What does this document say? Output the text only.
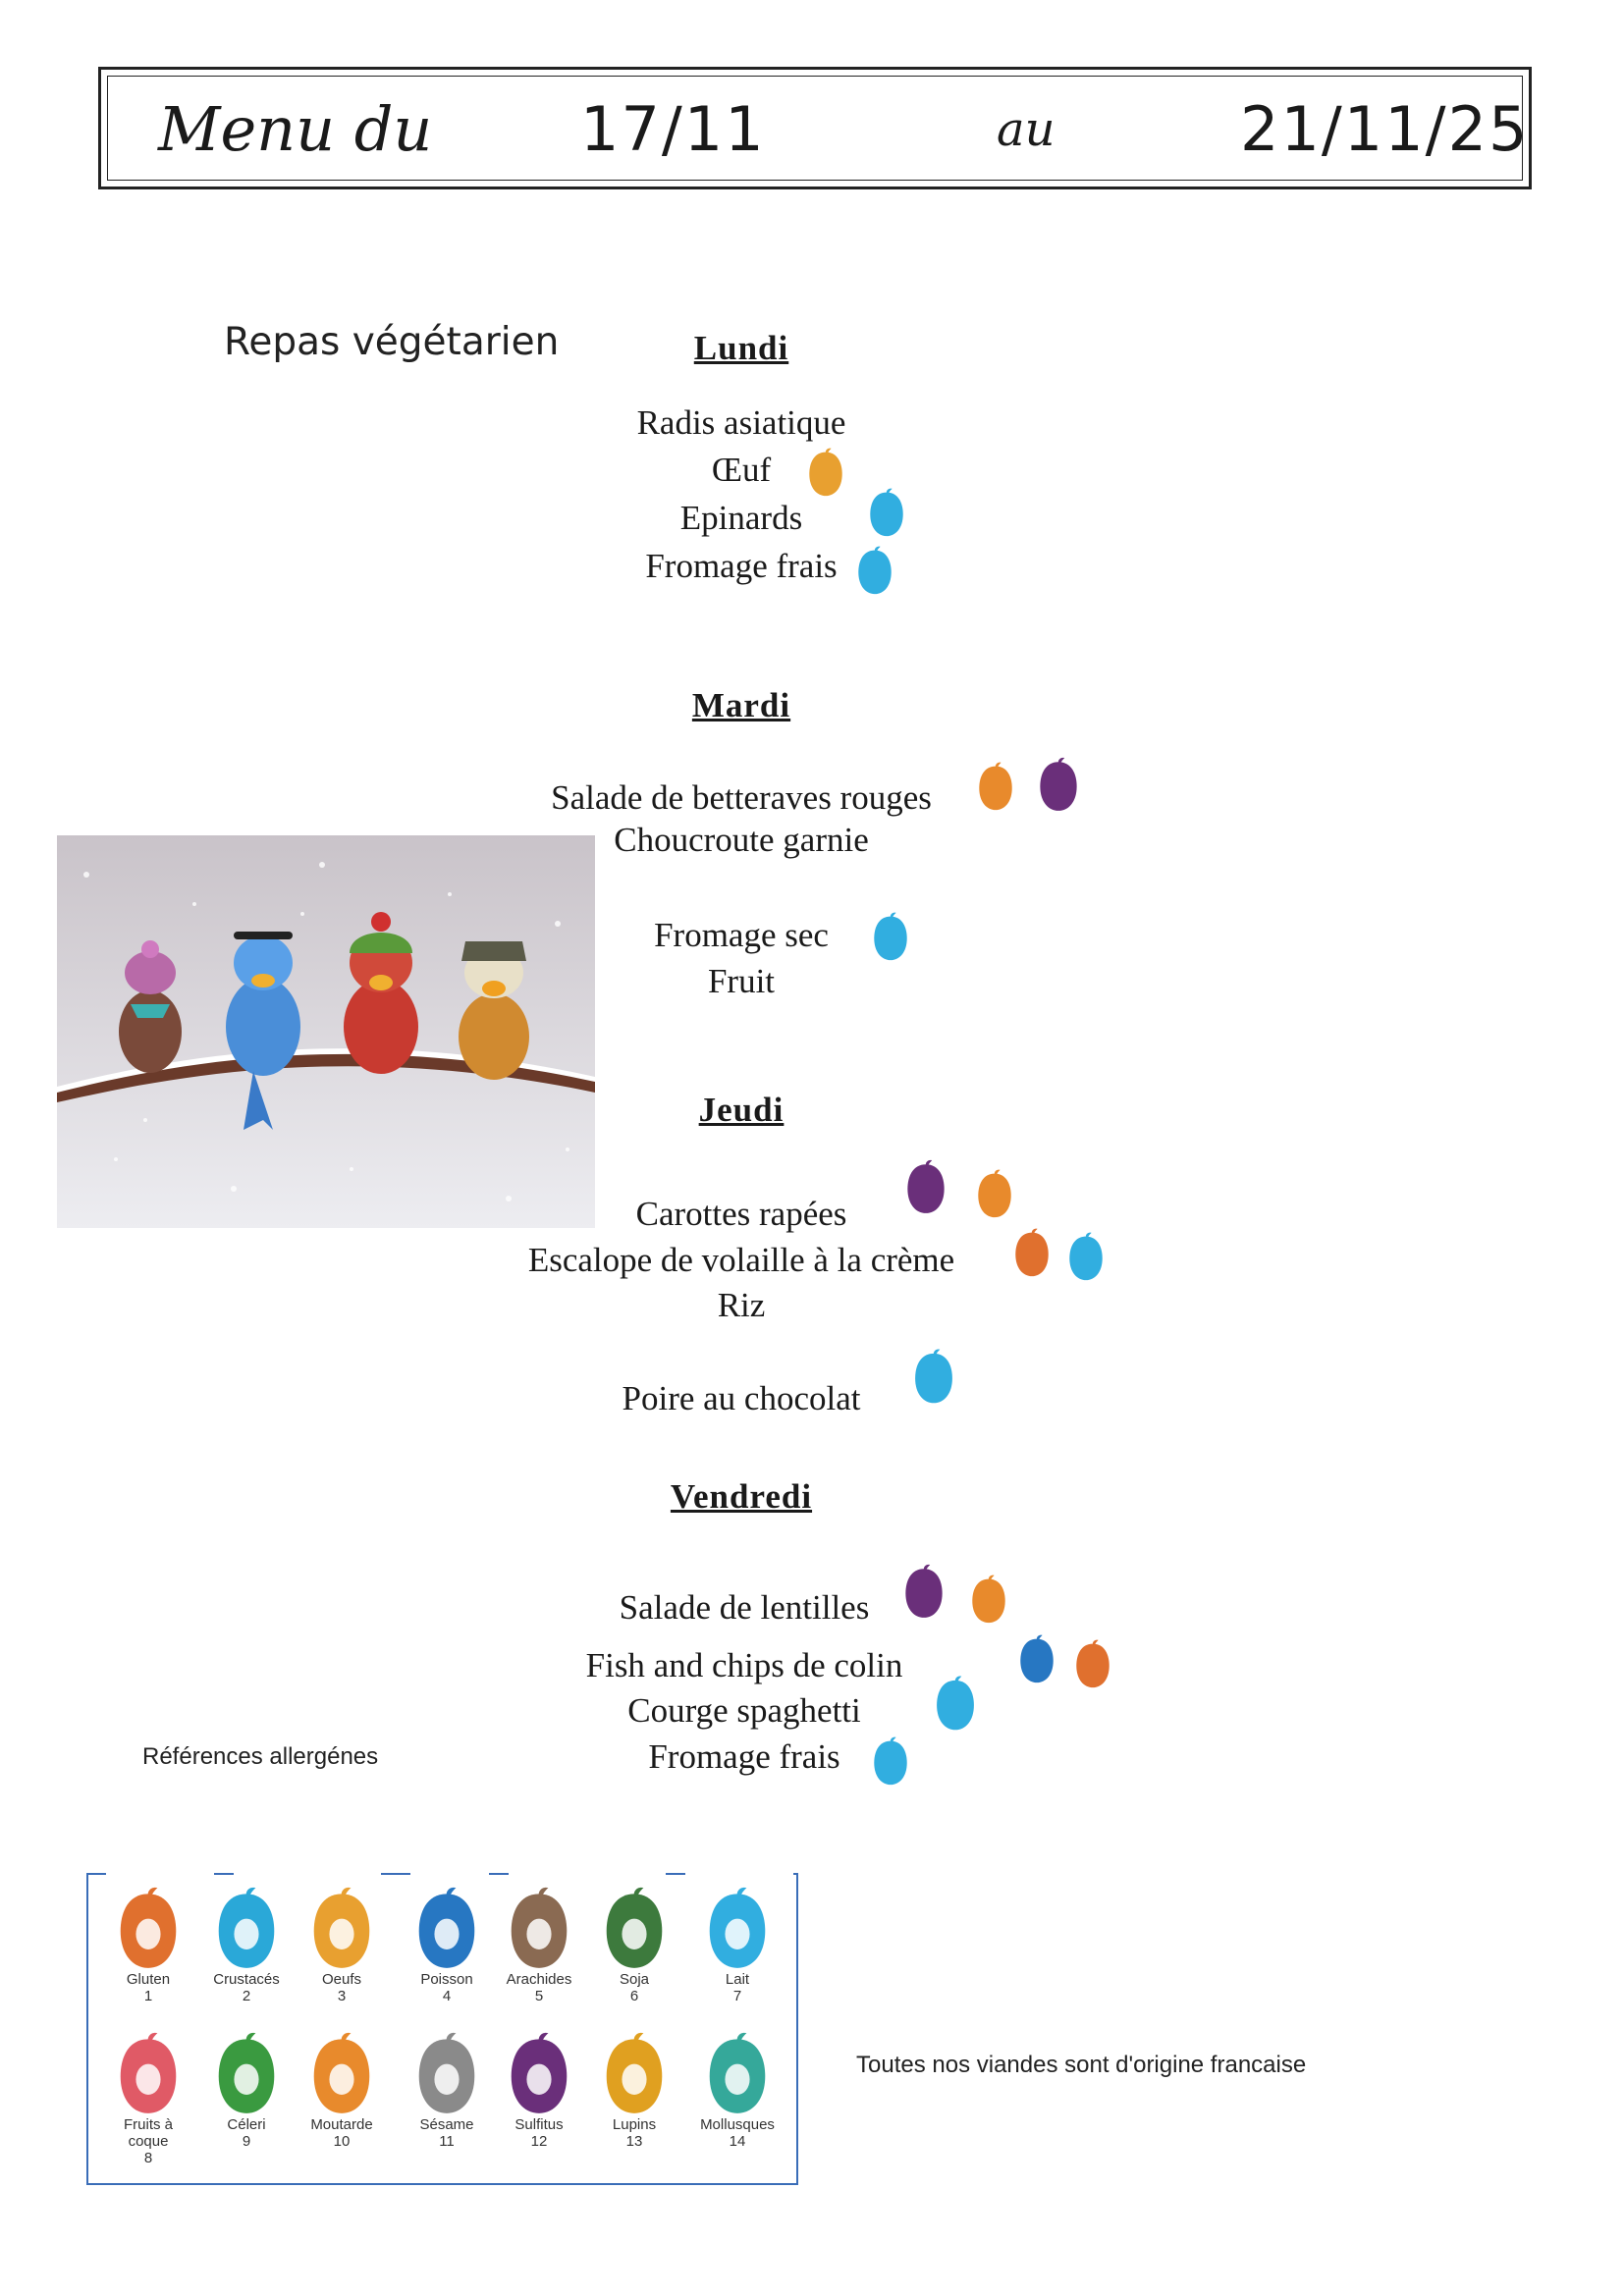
Menu du 17/11	au	21/11/25
Repas végétarien	Lundi
Radis asiatique
Œuf
Epinards
Fromage frais
Mardi
Salade de betteraves rouges
Choucroute garnie
Fromage sec
Fruit
Jeudi
Carottes rapées
Escalope de volaille à la crème
Riz
Poire au chocolat
Vendredi
Salade de lentilles
Fish and chips de colin
Courge spaghetti
Fromage frais
Références allergénes
Toutes nos viandes sont d'origine francaise
Gluten
1
Crustacés
2
Oeufs
3
Poisson
4
Arachides
5
Soja
6
Lait
7
Fruits à coque
8
Céleri
9
Moutarde
10
Sésame
11
Sulfitus
12
Lupins
13
Mollusques
14
